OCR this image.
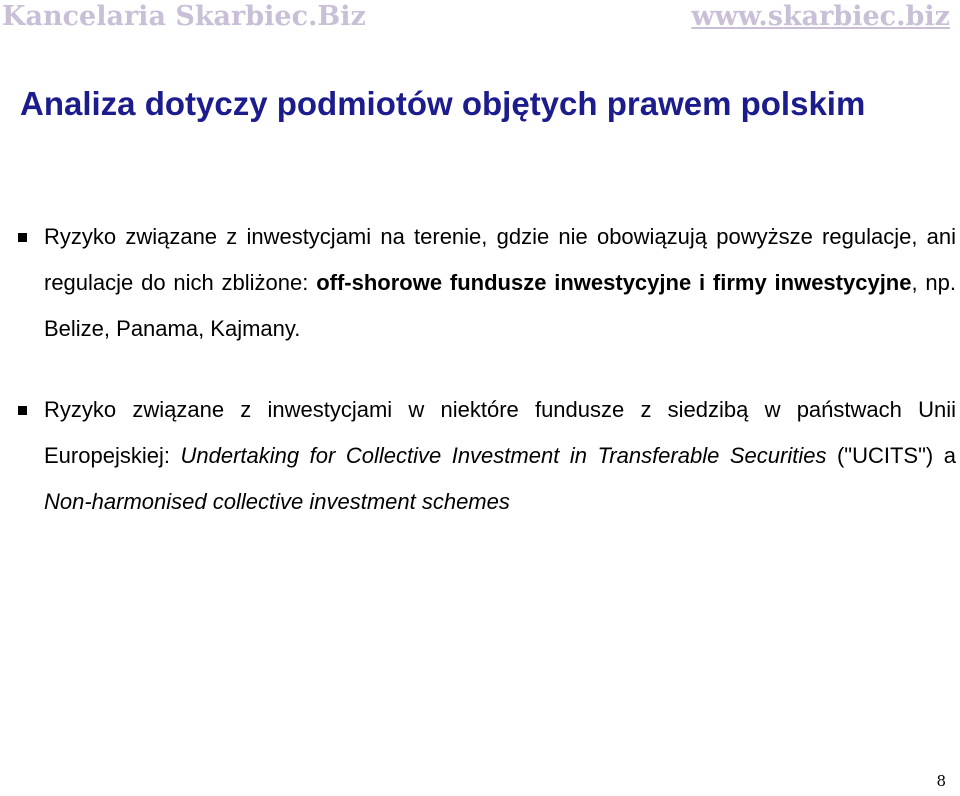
Kancelaria Skarbiec.Biz	www.skarbiec.biz
Analiza dotyczy podmiotów objętych prawem polskim
Ryzyko związane z inwestycjami na terenie, gdzie nie obowiązują powyższe regulacje, ani regulacje do nich zbliżone: off-shorowe fundusze inwestycyjne i firmy inwestycyjne, np. Belize, Panama, Kajmany.
Ryzyko związane z inwestycjami w niektóre fundusze z siedzibą w państwach Unii Europejskiej: Undertaking for Collective Investment in Transferable Securities ("UCITS") a Non-harmonised collective investment schemes
8
